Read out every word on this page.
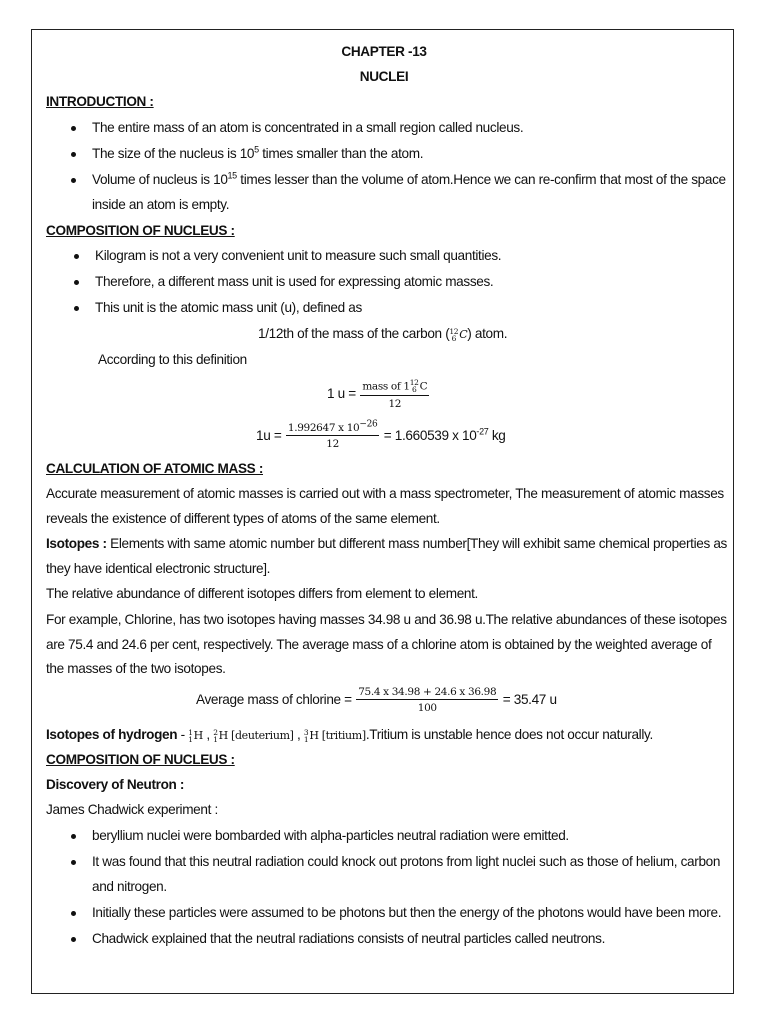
CHAPTER -13
NUCLEI
INTRODUCTION :
The entire mass of an atom is concentrated in a small region called nucleus.
The size of the nucleus is $10^5$ times smaller than the atom.
Volume of nucleus is $10^{15}$ times lesser than the volume of atom.Hence we can re-confirm that most of the space
inside an atom is empty.
COMPOSITION OF NUCLEUS :
Kilogram is not a very convenient unit to measure such small quantities.
Therefore, a different mass unit is used for expressing atomic masses.
This unit is the atomic mass unit (u), defined as
1/12th of the mass of the carbon ( 12
6 C) atom.
According to this definition
1 u = mass of 1 12
6 C
12
$1u = \frac{1.992647 x 10^{-26}}{12} = 1.660539$ x $10^{-27}$ kg
CALCULATION OF ATOMIC MASS :
Accurate measurement of atomic masses is carried out with a mass spectrometer, The measurement of atomic masses
reveals the existence of different types of atoms of the same element.
Isotopes : Elements with same atomic number but different mass number[They will exhibit same chemical properties as
they have identical electronic structure].
The relative abundance of different isotopes differs from element to element.
For example, Chlorine, has two isotopes having masses 34.98 u and 36.98 u.The relative abundances of these isotopes
are 75.4 and 24.6 per cent, respectively. The average mass of a chlorine atom is obtained by the weighted average of
the masses of the two isotopes.
Average mass of chlorine = $\frac{75.4 x 34.98 + 24.6 x 36.98}{100} = 35.47$ u
Isotopes of hydrogen - 1
1 H , 2
1 H [deuterium] , 3
1 H [tritium].Tritium is unstable hence does not occur naturally.
COMPOSITION OF NUCLEUS :
Discovery of Neutron :
James Chadwick experiment :
beryllium nuclei were bombarded with alpha-particles neutral radiation were emitted.
It was found that this neutral radiation could knock out protons from light nuclei such as those of helium, carbon
and nitrogen.
Initially these particles were assumed to be photons but then the energy of the photons would have been more.
Chadwick explained that the neutral radiations consists of neutral particles called neutrons.
